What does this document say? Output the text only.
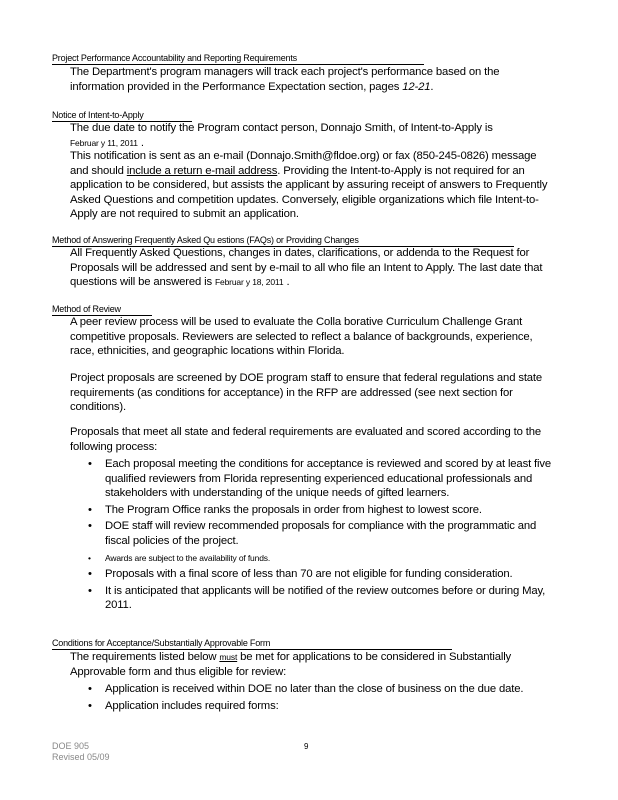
Project Performance Accountability and Reporting Requirements
The Department's program managers will track each project's performance based on the information provided in the Performance Expectation section, pages 12-21.
Notice of Intent-to-Apply
The due date to notify the Program contact person, Donnajo Smith, of Intent-to-Apply is
Februar y 11, 2011 .
This notification is sent as an e-mail (Donnajo.Smith@fldoe.org) or fax (850-245-0826) message and should include a return e-mail address. Providing the Intent-to-Apply is not required for an application to be considered, but assists the applicant by assuring receipt of answers to Frequently Asked Questions and competition updates. Conversely, eligible organizations which file Intent-to-Apply are not required to submit an application.
Method of Answering Frequently Asked Qu estions (FAQs) or Providing Changes
All Frequently Asked Questions, changes in dates, clarifications, or addenda to the Request for Proposals will be addressed and sent by e-mail to all who file an Intent to Apply. The last date that questions will be answered is Februar y 18, 2011 .
Method of Review
A peer review process will be used to evaluate the Colla borative Curriculum Challenge Grant competitive proposals. Reviewers are selected to reflect a balance of backgrounds, experience, race, ethnicities, and geographic locations within Florida.
Project proposals are screened by DOE program staff to ensure that federal regulations and state requirements (as conditions for acceptance) in the RFP are addressed (see next section for conditions).
Proposals that meet all state and federal requirements are evaluated and scored according to the following process:
• Each proposal meeting the conditions for acceptance is reviewed and scored by at least five qualified reviewers from Florida representing experienced educational professionals and stakeholders with understanding of the unique needs of gifted learners.
• The Program Office ranks the proposals in order from highest to lowest score.
• DOE staff will review recommended proposals for compliance with the programmatic and fiscal policies of the project.
• Awards are subject to the availability of funds.
• Proposals with a final score of less than 70 are not eligible for funding consideration.
• It is anticipated that applicants will be notified of the review outcomes before or during May, 2011.
Conditions for Acceptance/Substantially Approvable Form
The requirements listed below must be met for applications to be considered in Substantially Approvable form and thus eligible for review:
• Application is received within DOE no later than the close of business on the due date.
• Application includes required forms:
DOE 905
Revised 05/09
9
